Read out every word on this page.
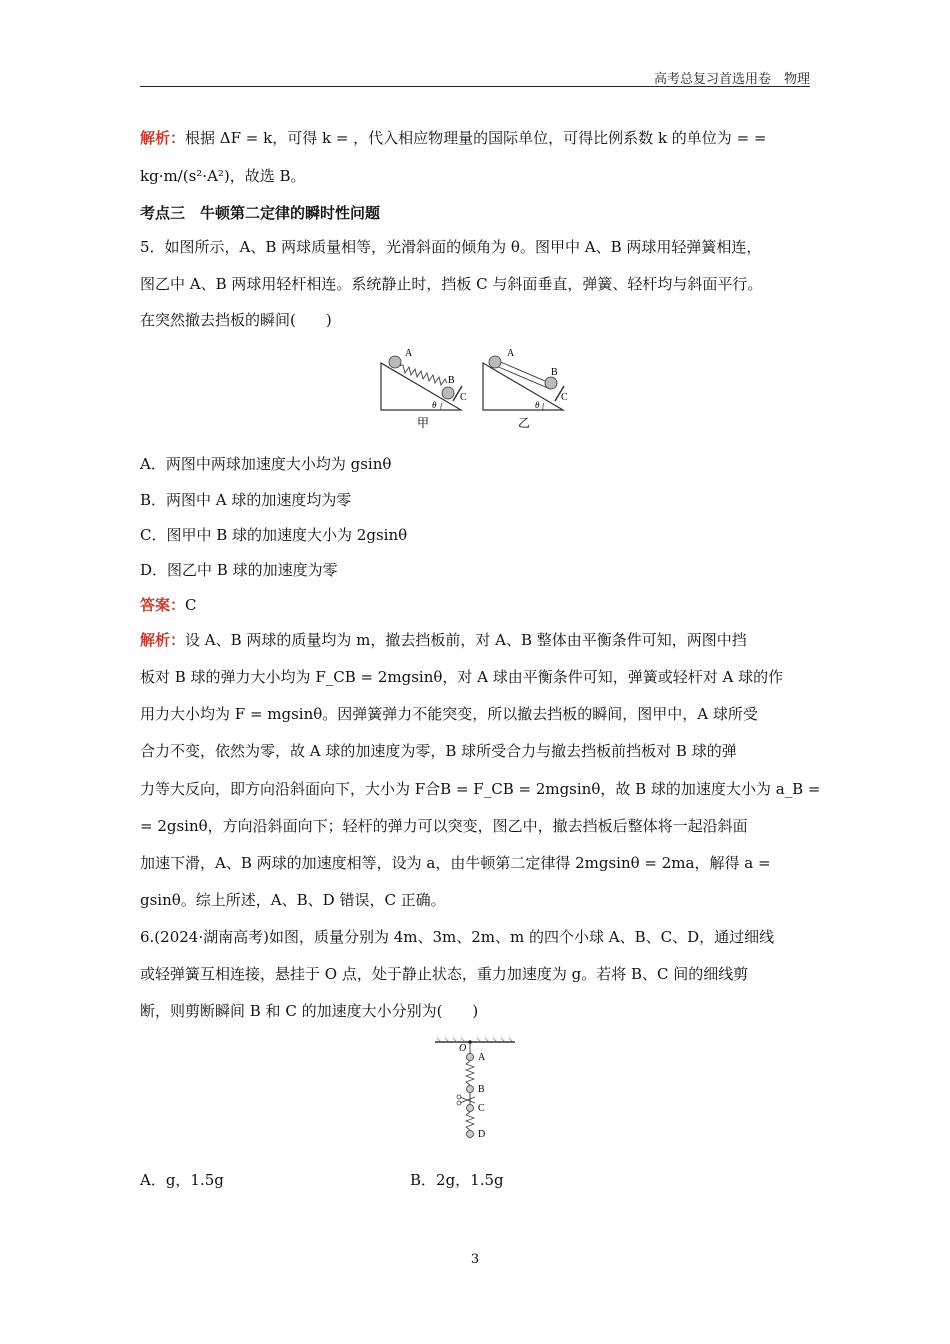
高考总复习首选用卷　物理
解析：根据 ΔF = k，可得 k = ，代入相应物理量的国际单位，可得比例系数 k 的单位为 = =
kg·m/(s²·A²)，故选 B。
考点三　牛顿第二定律的瞬时性问题
5．如图所示，A、B 两球质量相等，光滑斜面的倾角为 θ。图甲中 A、B 两球用轻弹簧相连，
图乙中 A、B 两球用轻杆相连。系统静止时，挡板 C 与斜面垂直，弹簧、轻杆均与斜面平行。
在突然撤去挡板的瞬间(　　)
A
B
C
θ
甲
A
B
C
θ
乙
A．两图中两球加速度大小均为 gsinθ
B．两图中 A 球的加速度均为零
C．图甲中 B 球的加速度大小为 2gsinθ
D．图乙中 B 球的加速度为零
答案：C
解析：设 A、B 两球的质量均为 m，撤去挡板前，对 A、B 整体由平衡条件可知，两图中挡
板对 B 球的弹力大小均为 F_CB = 2mgsinθ，对 A 球由平衡条件可知，弹簧或轻杆对 A 球的作
用力大小均为 F = mgsinθ。因弹簧弹力不能突变，所以撤去挡板的瞬间，图甲中，A 球所受
合力不变，依然为零，故 A 球的加速度为零，B 球所受合力与撤去挡板前挡板对 B 球的弹
力等大反向，即方向沿斜面向下，大小为 F合B = F_CB = 2mgsinθ，故 B 球的加速度大小为 a_B =
= 2gsinθ，方向沿斜面向下；轻杆的弹力可以突变，图乙中，撤去挡板后整体将一起沿斜面
加速下滑，A、B 两球的加速度相等，设为 a，由牛顿第二定律得 2mgsinθ = 2ma，解得 a =
gsinθ。综上所述，A、B、D 错误，C 正确。
6.(2024·湖南高考)如图，质量分别为 4m、3m、2m、m 的四个小球 A、B、C、D，通过细线
或轻弹簧互相连接，悬挂于 O 点，处于静止状态，重力加速度为 g。若将 B、C 间的细线剪
断，则剪断瞬间 B 和 C 的加速度大小分别为(　　)
O
A
B
C
D
A．g，1.5g	B．2g，1.5g
3
